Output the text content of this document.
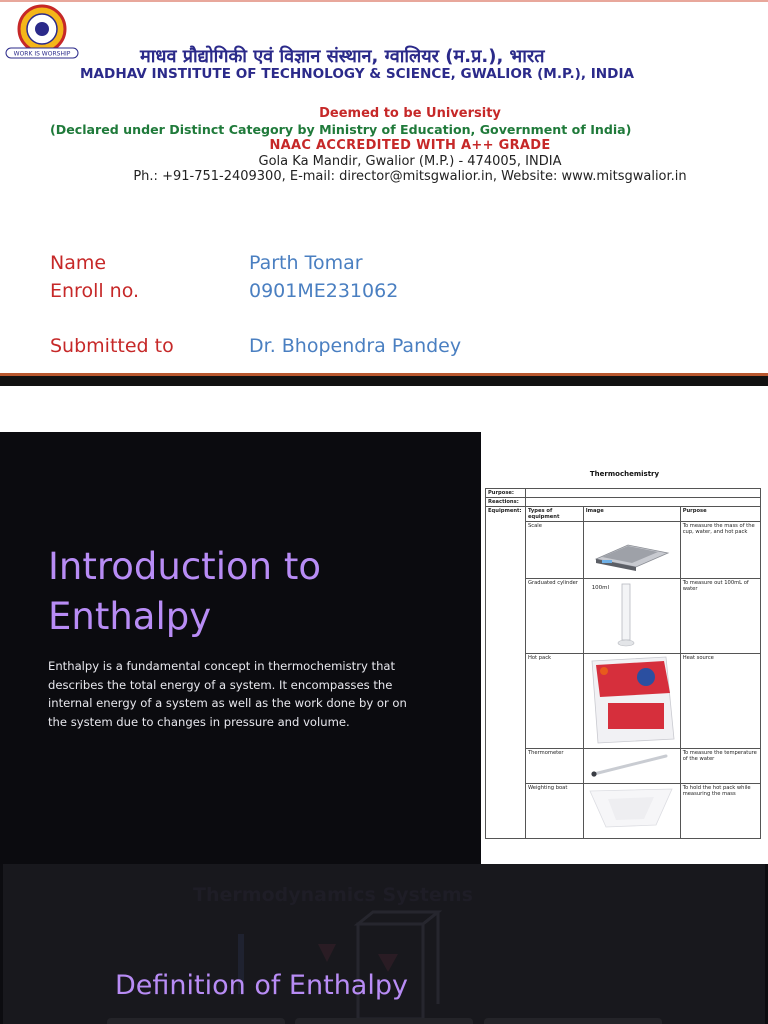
WORK IS WORSHIP	माधव प्रौद्योगिकी एवं विज्ञान संस्थान, ग्वालियर (म.प्र.), भारत
MADHAV INSTITUTE OF TECHNOLOGY & SCIENCE, GWALIOR (M.P.), INDIA
Deemed to be University
(Declared under Distinct Category by Ministry of Education, Government of India)
NAAC ACCREDITED WITH A++ GRADE
Gola Ka Mandir, Gwalior (M.P.) - 474005, INDIA
Ph.: +91-751-2409300, E-mail: director@mitsgwalior.in, Website: www.mitsgwalior.in
Name	Parth Tomar
Enroll no.	0901ME231062
Submitted to	Dr. Bhopendra Pandey
Introduction to Enthalpy
Enthalpy is a fundamental concept in thermochemistry that describes the total energy of a system. It encompasses the internal energy of a system as well as the work done by or on the system due to changes in pressure and volume.
Thermochemistry
Purpose:			
Reactions:			
Equipment:	Types of equipment	Image	Purpose
	Scale		To measure the mass of the cup, water, and hot pack
	Graduated cylinder	100ml	To measure out 100mL of water
	Hot pack		Heat source
	Thermometer		To measure the temperature of the water
	Weighting boat		To hold the hot pack while measuring the mass
Thermodynamics Systems
Definition of Enthalpy
